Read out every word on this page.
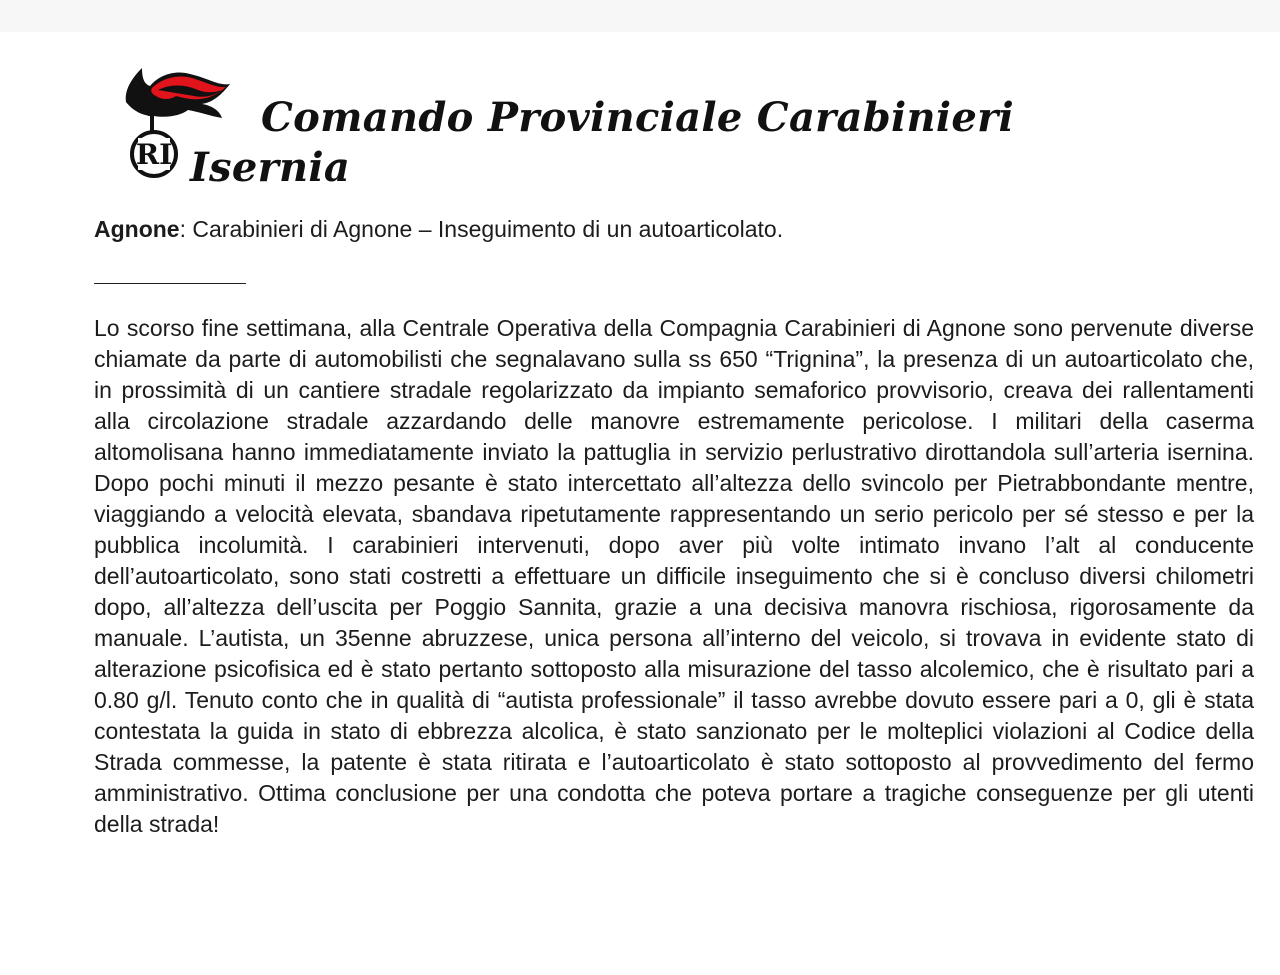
RI
Comando Provinciale Carabinieri
Isernia
Agnone: Carabinieri di Agnone – Inseguimento di un autoarticolato.

Lo scorso fine settimana, alla Centrale Operativa della Compagnia Carabinieri di Agnone sono pervenute diverse chiamate da parte di automobilisti che segnalavano sulla ss 650 “Trignina”, la presenza di un autoarticolato che, in prossimità di un cantiere stradale regolarizzato da impianto semaforico provvisorio, creava dei rallentamenti alla circolazione stradale azzardando delle manovre estremamente pericolose. I militari della caserma altomolisana hanno immediatamente inviato la pattuglia in servizio perlustrativo dirottandola sull’arteria isernina. Dopo pochi minuti il mezzo pesante è stato intercettato all’altezza dello svincolo per Pietrabbondante mentre, viaggiando a velocità elevata, sbandava ripetutamente rappresentando un serio pericolo per sé stesso e per la pubblica incolumità. I carabinieri intervenuti, dopo aver più volte intimato invano l’alt al conducente dell’autoarticolato, sono stati costretti a effettuare un difficile inseguimento che si è concluso diversi chilometri dopo, all’altezza dell’uscita per Poggio Sannita, grazie a una decisiva manovra rischiosa, rigorosamente da manuale. L’autista, un 35enne abruzzese, unica persona all’interno del veicolo, si trovava in evidente stato di alterazione psicofisica ed è stato pertanto sottoposto alla misurazione del tasso alcolemico, che è risultato pari a 0.80 g/l. Tenuto conto che in qualità di “autista professionale” il tasso avrebbe dovuto essere pari a 0, gli è stata contestata la guida in stato di ebbrezza alcolica, è stato sanzionato per le molteplici violazioni al Codice della Strada commesse, la patente è stata ritirata e l’autoarticolato è stato sottoposto al provvedimento del fermo amministrativo. Ottima conclusione per una condotta che poteva portare a tragiche conseguenze per gli utenti della strada!
